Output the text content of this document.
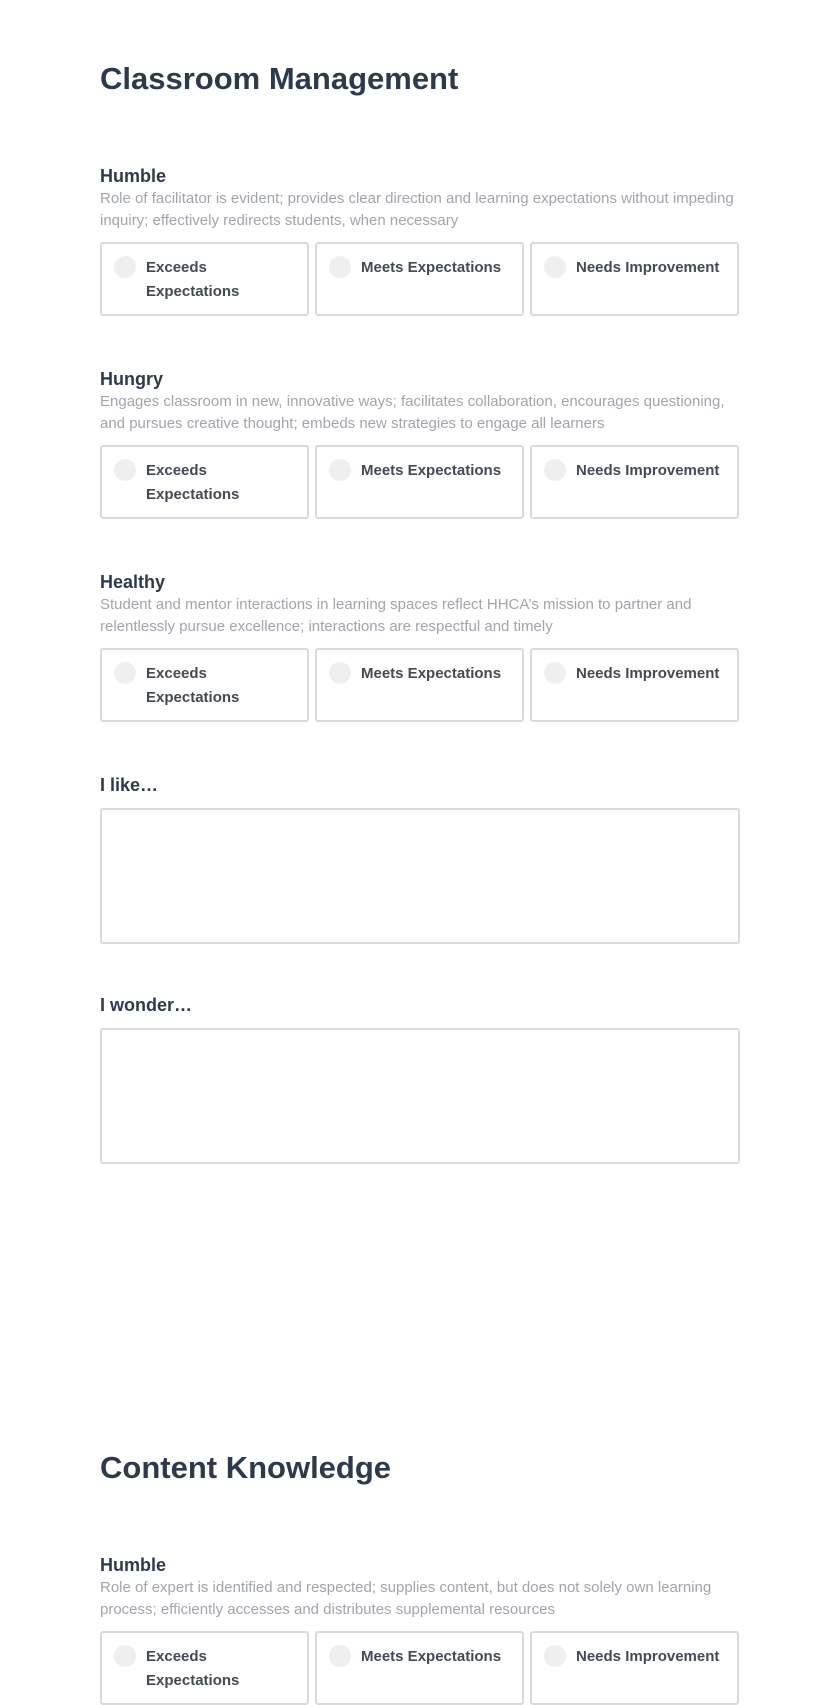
Classroom Management
Humble

Role of facilitator is evident; provides clear direction and learning expectations without impeding inquiry; effectively redirects students, when necessary

Exceeds Expectations
Meets Expectations	Needs Improvement
Hungry

Engages classroom in new, innovative ways; facilitates collaboration, encourages questioning, and pursues creative thought; embeds new strategies to engage all learners

Exceeds Expectations
Meets Expectations	Needs Improvement
Healthy

Student and mentor interactions in learning spaces reflect HHCA’s mission to partner and relentlessly pursue excellence; interactions are respectful and timely

Exceeds Expectations
Meets Expectations	Needs Improvement
I like…
I wonder…
Content Knowledge
Humble

Role of expert is identified and respected; supplies content, but does not solely own learning process; efficiently accesses and distributes supplemental resources

Exceeds Expectations
Meets Expectations	Needs Improvement
